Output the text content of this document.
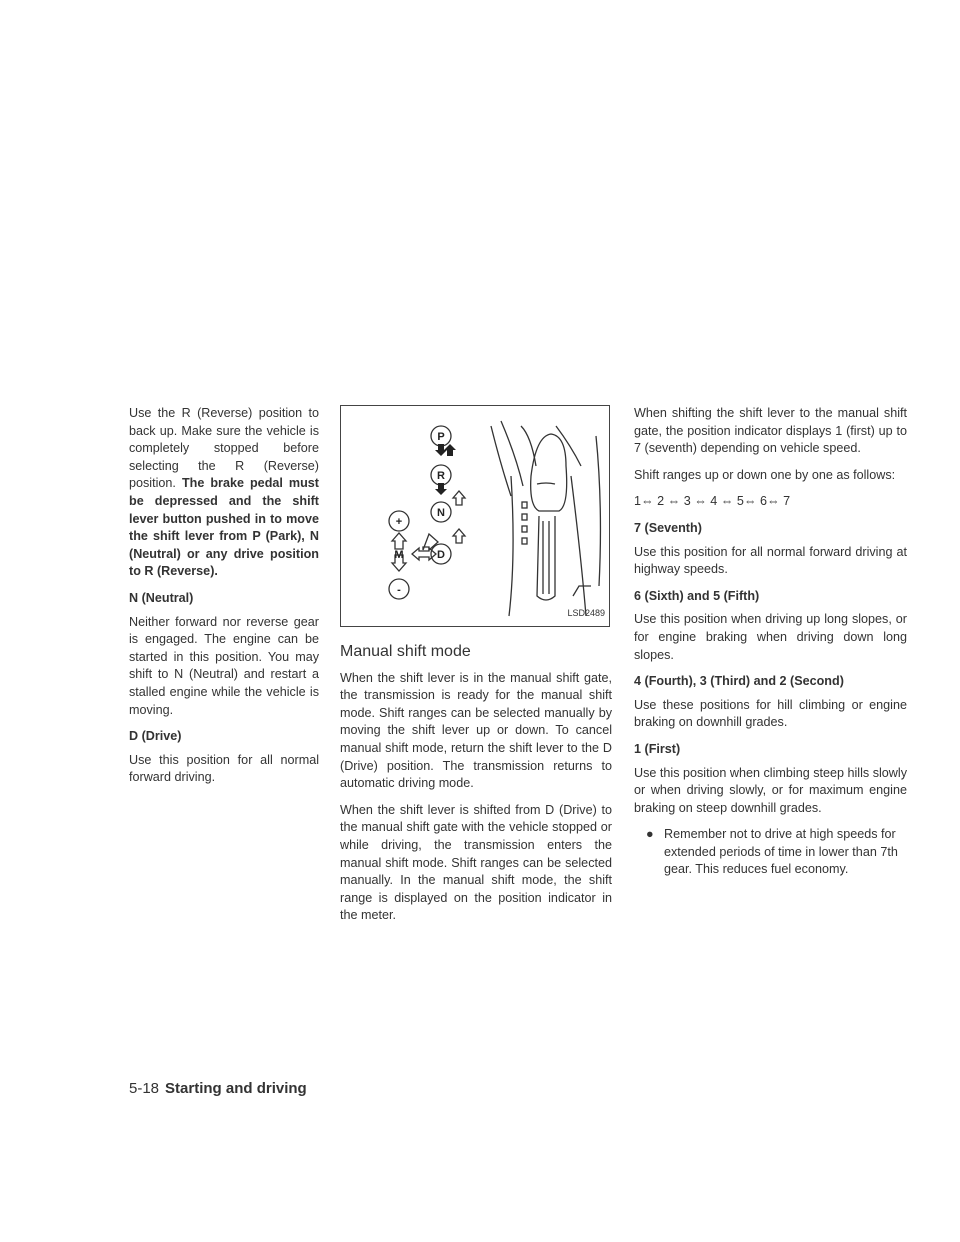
Use the R (Reverse) position to back up. Make sure the vehicle is completely stopped before selecting the R (Reverse) position. The brake pedal must be depressed and the shift lever button pushed in to move the shift lever from P (Park), N (Neutral) or any drive position to R (Reverse).

N (Neutral)

Neither forward nor reverse gear is engaged. The engine can be started in this position. You may shift to N (Neutral) and restart a stalled engine while the vehicle is moving.

D (Drive)

Use this position for all normal forward driving.

P
R
N
D
+
-
M
LSD2489
Manual shift mode

When the shift lever is in the manual shift gate, the transmission is ready for the manual shift mode. Shift ranges can be selected manually by moving the shift lever up or down. To cancel manual shift mode, return the shift lever to the D (Drive) position. The transmission returns to automatic driving mode.

When the shift lever is shifted from D (Drive) to the manual shift gate with the vehicle stopped or while driving, the transmission enters the manual shift mode. Shift ranges can be selected manually. In the manual shift mode, the shift range is displayed on the position indicator in the meter.

When shifting the shift lever to the manual shift gate, the position indicator displays 1 (first) up to 7 (seventh) depending on vehicle speed.

Shift ranges up or down one by one as follows:

1⇔ 2 ⇔ 3 ⇔ 4 ⇔ 5⇔ 6⇔ 7

7 (Seventh)

Use this position for all normal forward driving at highway speeds.

6 (Sixth) and 5 (Fifth)

Use this position when driving up long slopes, or for engine braking when driving down long slopes.

4 (Fourth), 3 (Third) and 2 (Second)

Use these positions for hill climbing or engine braking on downhill grades.

1 (First)

Use this position when climbing steep hills slowly or when driving slowly, or for maximum engine braking on steep downhill grades.

● Remember not to drive at high speeds for extended periods of time in lower than 7th gear. This reduces fuel economy.

5-18 Starting and driving
